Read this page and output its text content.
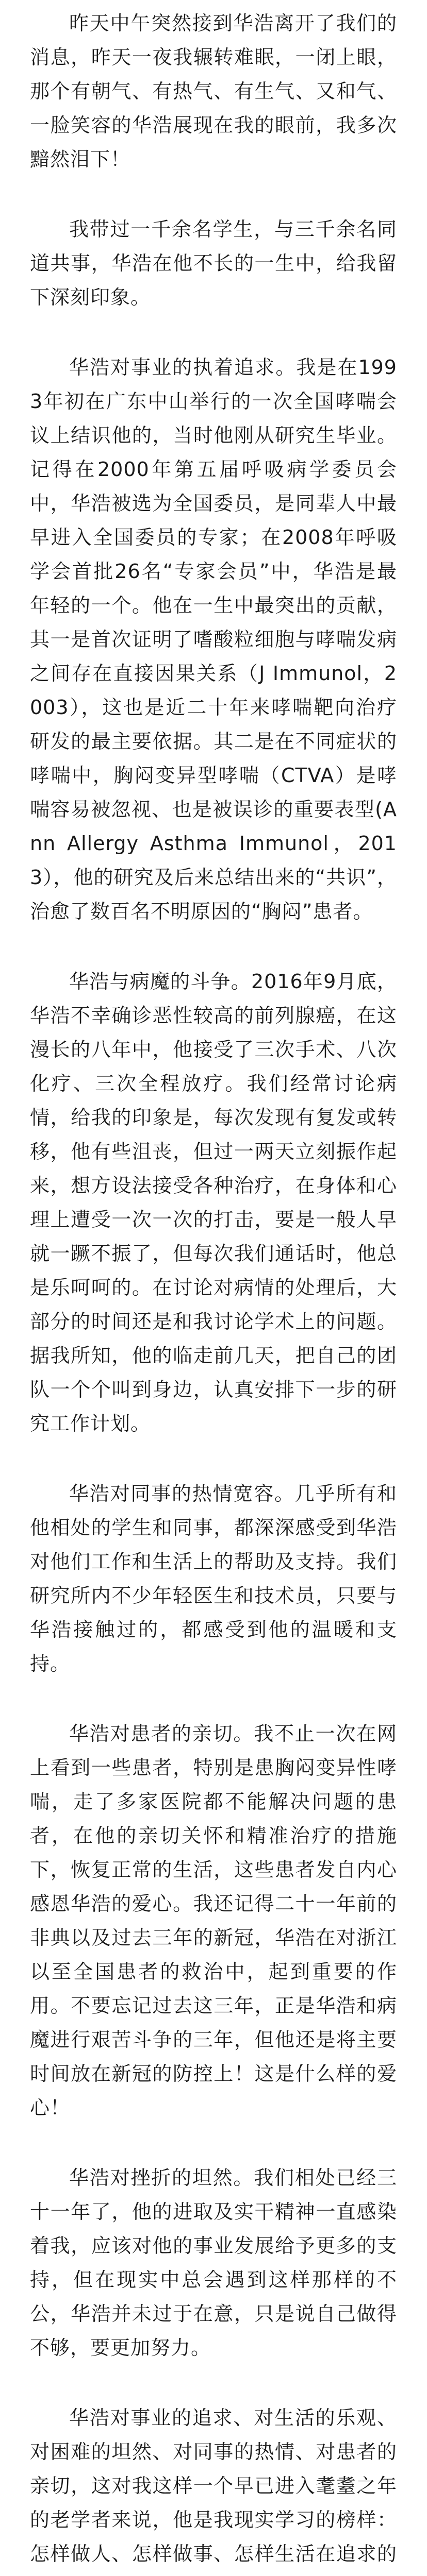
昨天中午突然接到华浩离开了我们的消息，昨天一夜我辗转难眠，一闭上眼，那个有朝气、有热气、有生气、又和气、一脸笑容的华浩展现在我的眼前，我多次黯然泪下！

我带过一千余名学生，与三千余名同道共事，华浩在他不长的一生中，给我留下深刻印象。

华浩对事业的执着追求。我是在1993年初在广东中山举行的一次全国哮喘会议上结识他的，当时他刚从研究生毕业。记得在2000年第五届呼吸病学委员会中，华浩被选为全国委员，是同辈人中最早进入全国委员的专家；在2008年呼吸学会首批26名“专家会员”中，华浩是最年轻的一个。他在一生中最突出的贡献，其一是首次证明了嗜酸粒细胞与哮喘发病之间存在直接因果关系（J Immunol，2003），这也是近二十年来哮喘靶向治疗研发的最主要依据。其二是在不同症状的哮喘中，胸闷变异型哮喘（CTVA）是哮喘容易被忽视、也是被误诊的重要表型(Ann Allergy Asthma Immunol，2013），他的研究及后来总结出来的“共识”，治愈了数百名不明原因的“胸闷”患者。

华浩与病魔的斗争。2016年9月底，华浩不幸确诊恶性较高的前列腺癌，在这漫长的八年中，他接受了三次手术、八次化疗、三次全程放疗。我们经常讨论病情，给我的印象是，每次发现有复发或转移，他有些沮丧，但过一两天立刻振作起来，想方设法接受各种治疗，在身体和心理上遭受一次一次的打击，要是一般人早就一蹶不振了，但每次我们通话时，他总是乐呵呵的。在讨论对病情的处理后，大部分的时间还是和我讨论学术上的问题。据我所知，他的临走前几天，把自己的团队一个个叫到身边，认真安排下一步的研究工作计划。

华浩对同事的热情宽容。几乎所有和他相处的学生和同事，都深深感受到华浩对他们工作和生活上的帮助及支持。我们研究所内不少年轻医生和技术员，只要与华浩接触过的，都感受到他的温暖和支持。

华浩对患者的亲切。我不止一次在网上看到一些患者，特别是患胸闷变异性哮喘，走了多家医院都不能解决问题的患者，在他的亲切关怀和精准治疗的措施下，恢复正常的生活，这些患者发自内心感恩华浩的爱心。我还记得二十一年前的非典以及过去三年的新冠，华浩在对浙江以至全国患者的救治中，起到重要的作用。不要忘记过去这三年，正是华浩和病魔进行艰苦斗争的三年，但他还是将主要时间放在新冠的防控上！这是什么样的爱心！

华浩对挫折的坦然。我们相处已经三十一年了，他的进取及实干精神一直感染着我，应该对他的事业发展给予更多的支持，但在现实中总会遇到这样那样的不公，华浩并未过于在意，只是说自己做得不够，要更加努力。

华浩对事业的追求、对生活的乐观、对困难的坦然、对同事的热情、对患者的亲切，这对我这样一个早已进入耄耋之年的老学者来说，他是我现实学习的榜样：怎样做人、怎样做事、怎样生活在追求的
